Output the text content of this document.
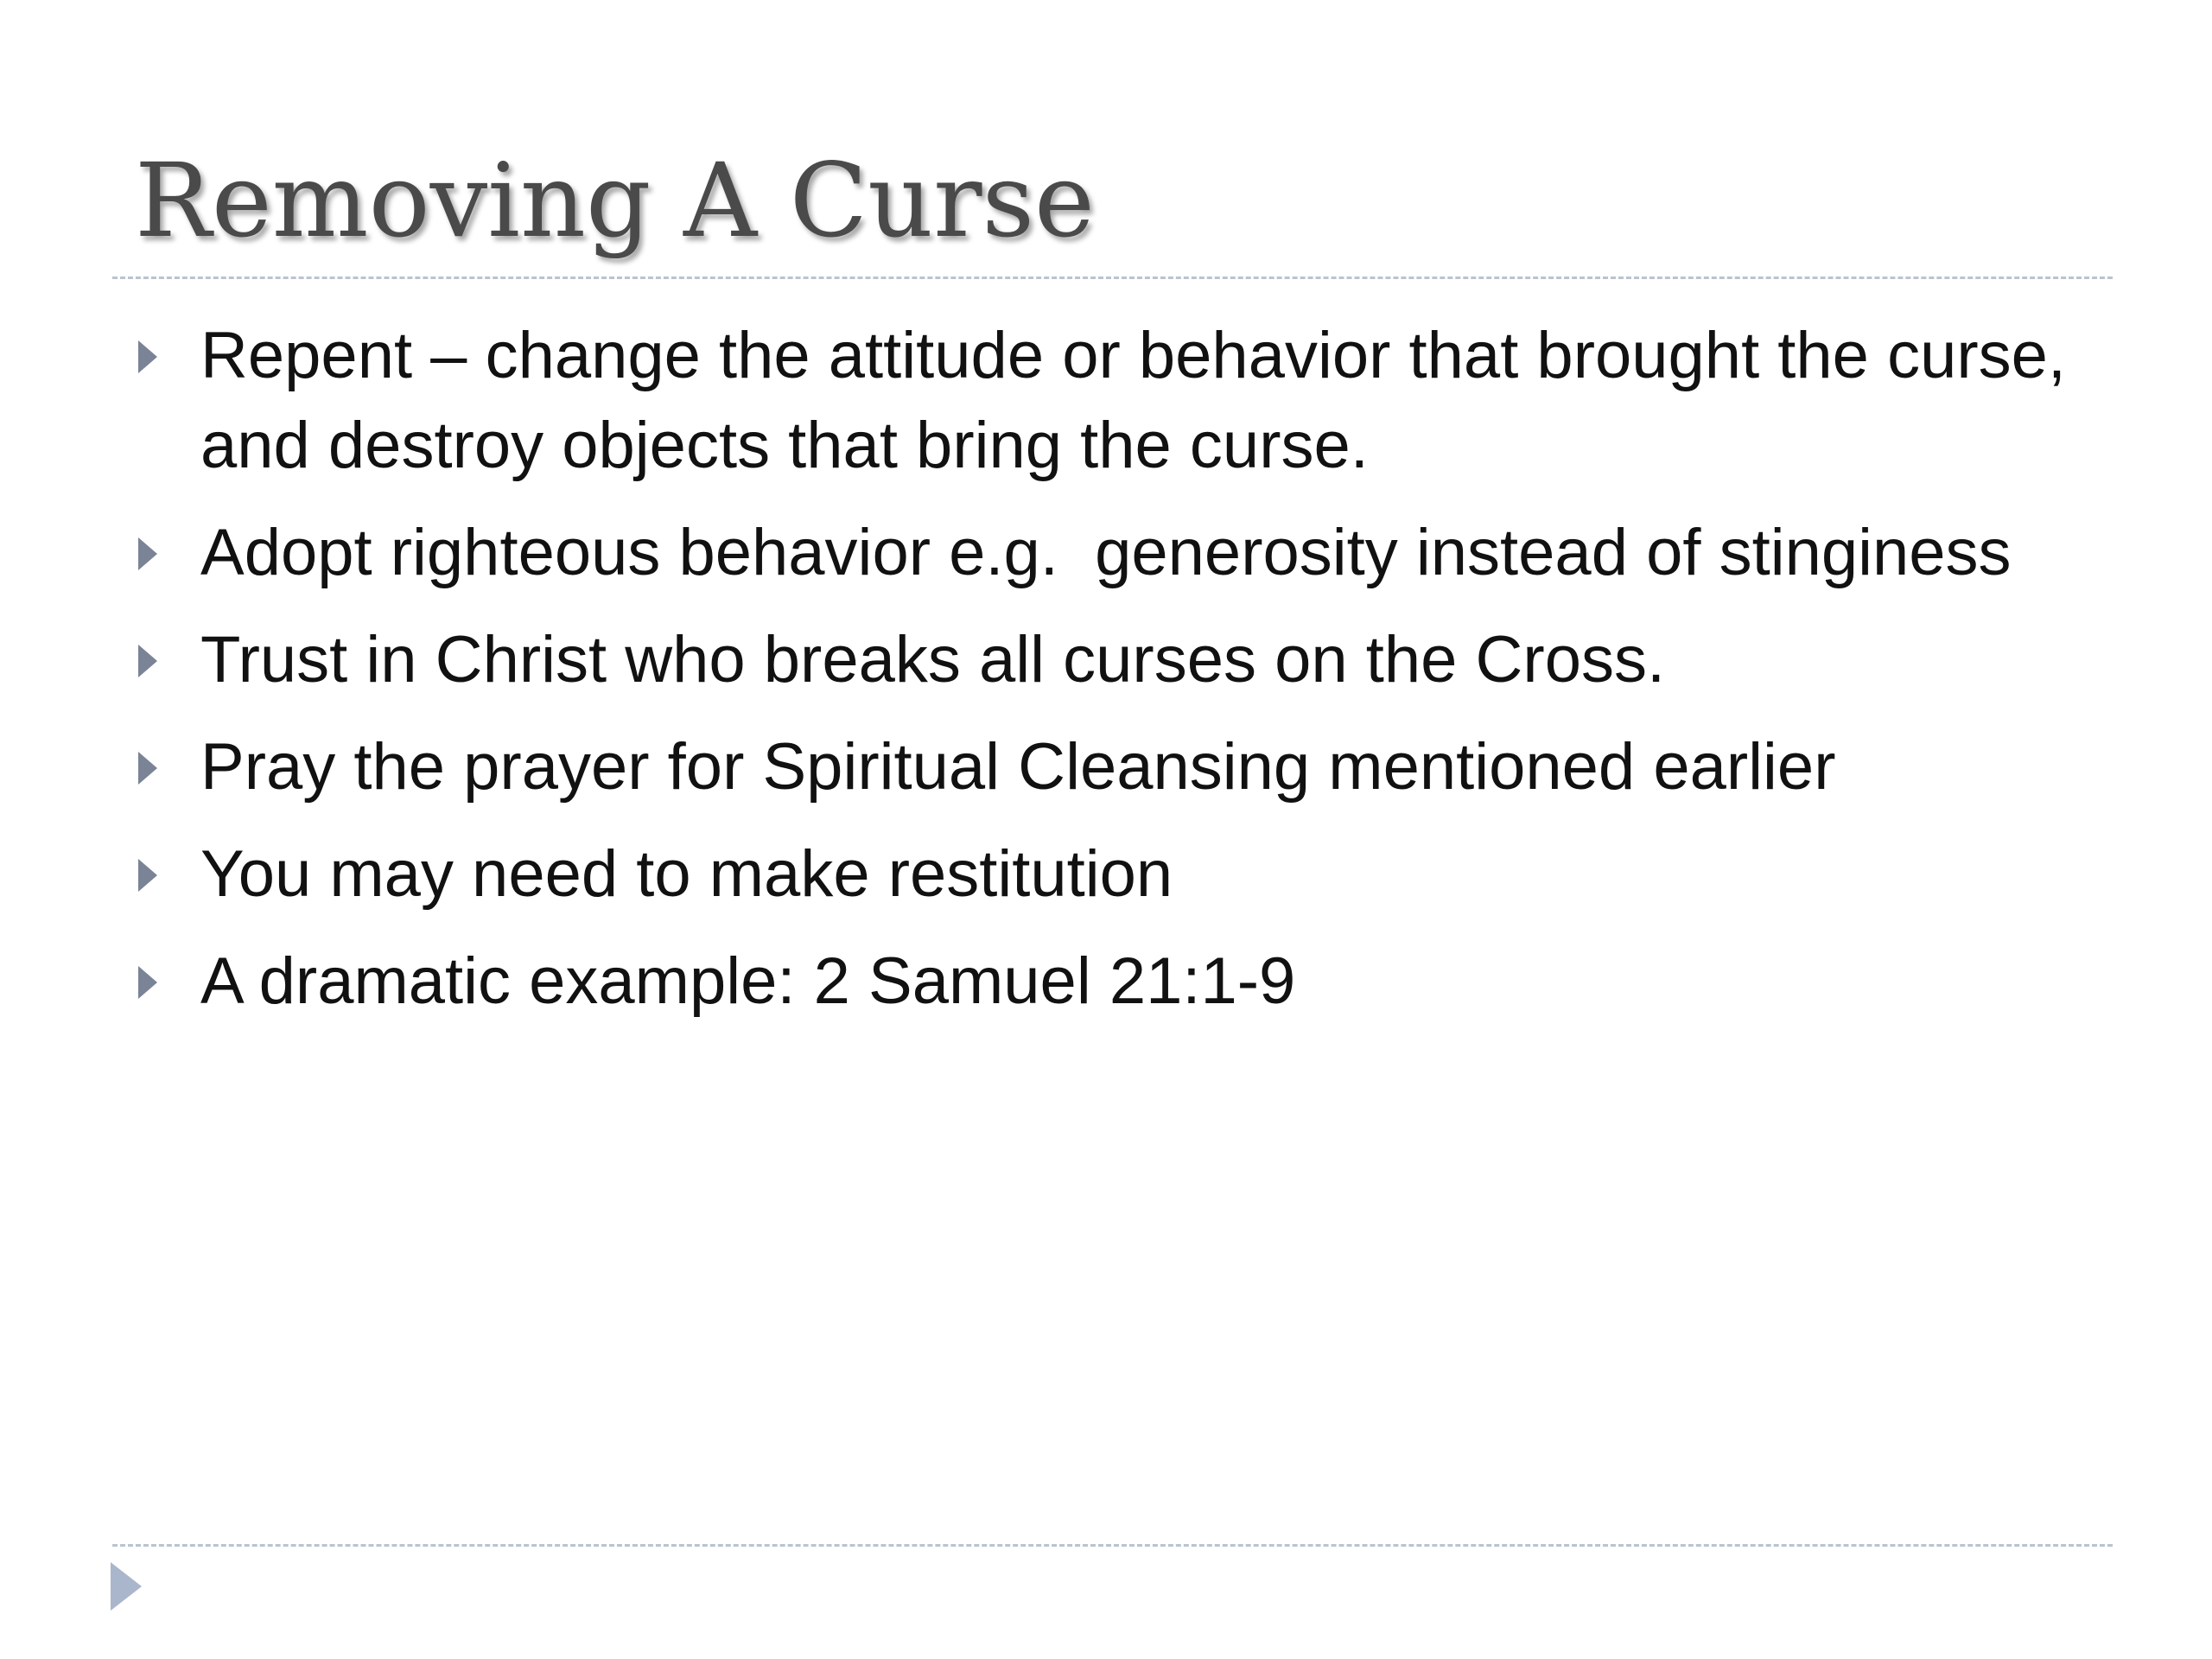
Removing A Curse
Repent – change the attitude or behavior that brought the curse, and destroy objects that bring the curse.
Adopt righteous behavior e.g.  generosity instead of stinginess
Trust in Christ who breaks all curses on the Cross.
Pray the prayer for Spiritual Cleansing mentioned earlier
You may need to make restitution
A dramatic example: 2 Samuel 21:1-9
